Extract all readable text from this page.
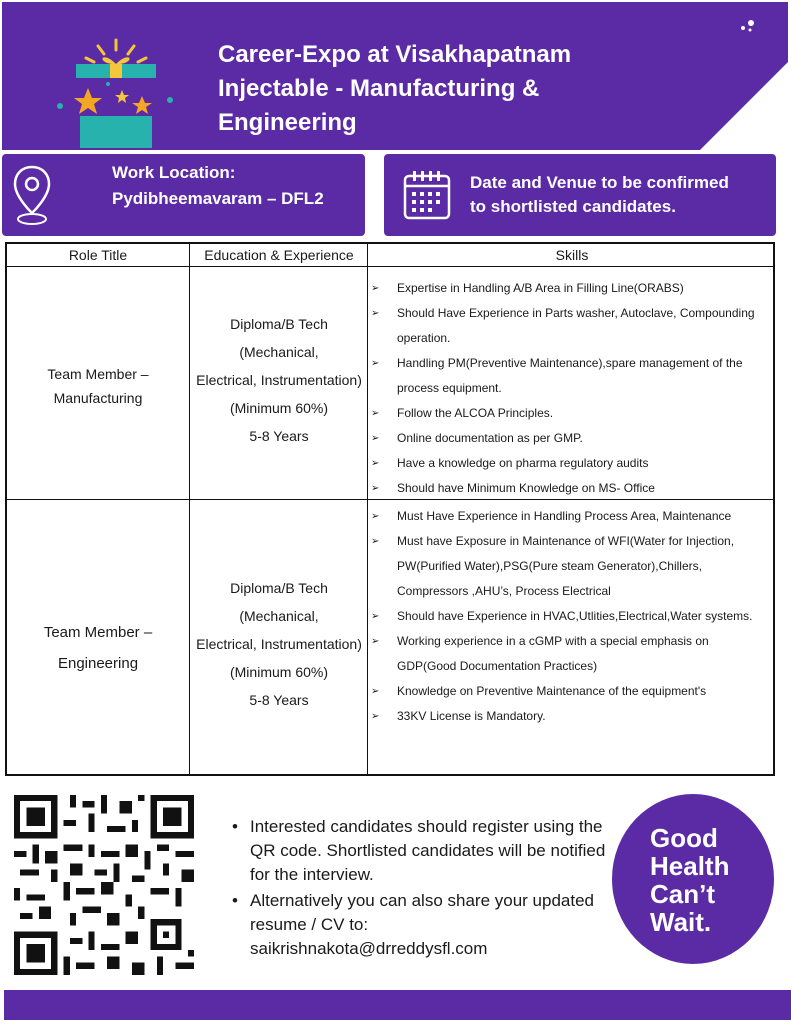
Career-Expo at Visakhapatnam
Injectable - Manufacturing &
Engineering
Dr.Reddy's
Work Location:
Pydibheemavaram – DFL2
Date and Venue to be confirmed
to shortlisted candidates.
Role Title	Education & Experience	Skills
Team Member –
Manufacturing
Diploma/B Tech
(Mechanical,
Electrical, Instrumentation)
(Minimum 60%)
5-8 Years
➢ Expertise in Handling A/B Area in Filling Line(ORABS)
➢ Should Have Experience in Parts washer, Autoclave, Compounding operation.
➢ Handling PM(Preventive Maintenance),spare management of the process equipment.
➢ Follow the ALCOA Principles.
➢ Online documentation as per GMP.
➢ Have a knowledge on pharma regulatory audits
➢ Should have Minimum Knowledge on MS- Office
Team Member –
Engineering
Diploma/B Tech
(Mechanical,
Electrical, Instrumentation)
(Minimum 60%)
5-8 Years
➢ Must Have Experience in Handling Process Area, Maintenance
➢ Must have Exposure in Maintenance of WFI(Water for Injection, PW(Purified Water),PSG(Pure steam Generator),Chillers, Compressors ,AHU’s, Process Electrical
➢ Should have Experience in HVAC,Utlities,Electrical,Water systems.
➢ Working experience in a cGMP with a special emphasis on GDP(Good Documentation Practices)
➢ Knowledge on Preventive Maintenance of the equipment's
➢ 33KV License is Mandatory.
• Interested candidates should register using the QR code. Shortlisted candidates will be notified for the interview.
• Alternatively you can also share your updated resume / CV to:
saikrishnakota@drreddysfl.com
Good
Health
Can’t
Wait.
